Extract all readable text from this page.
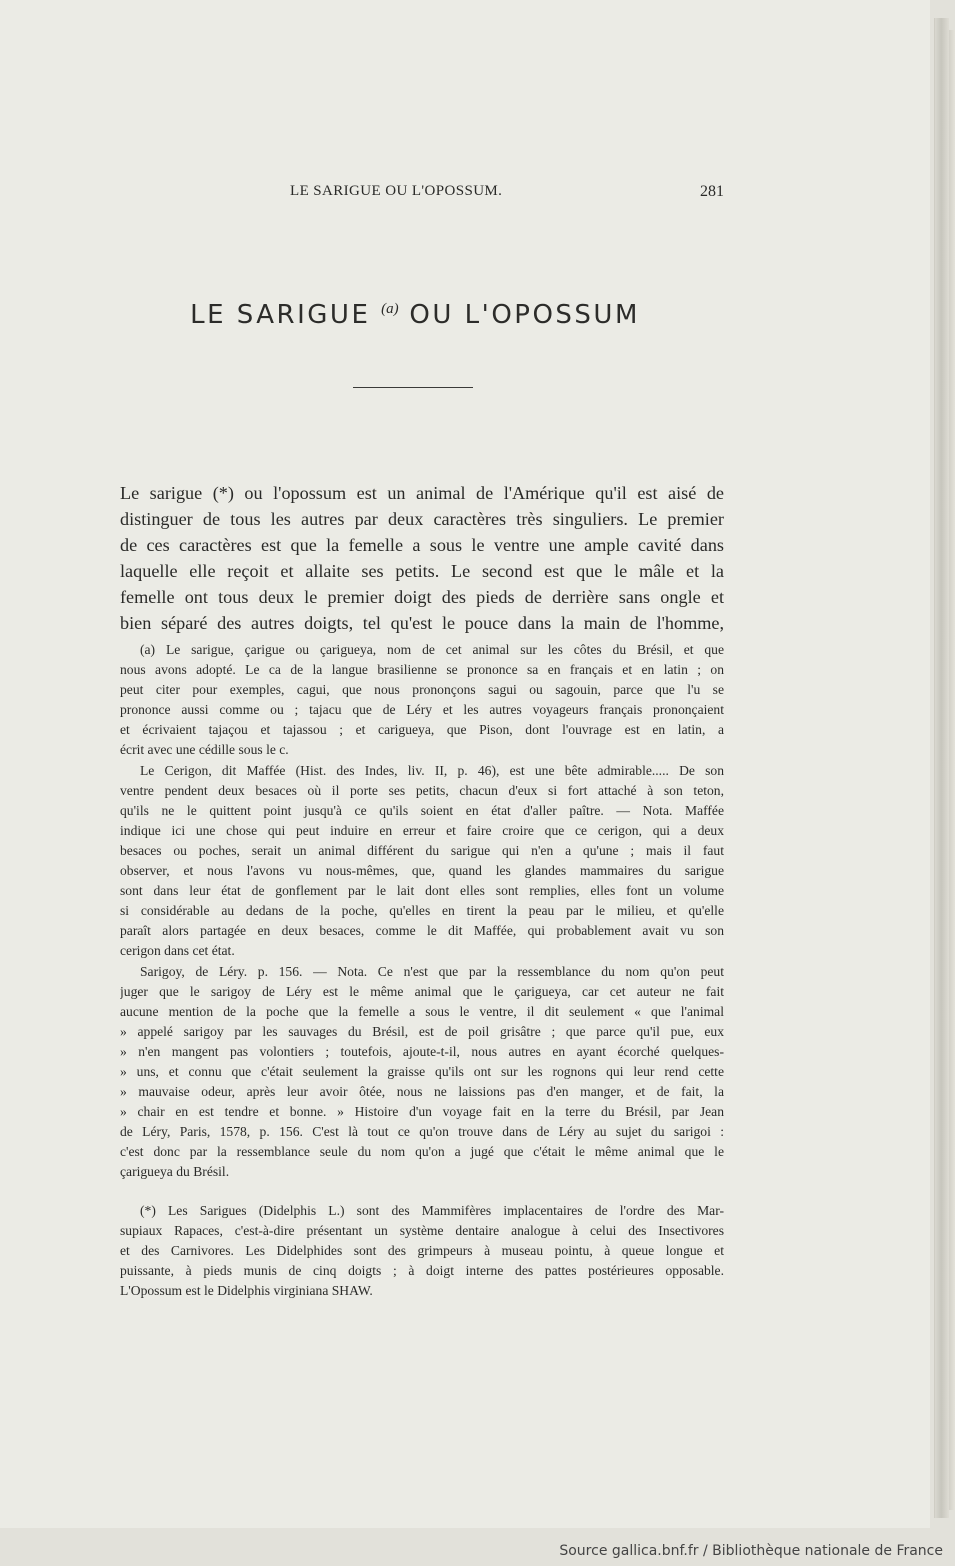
LE SARIGUE OU L'OPOSSUM.	281
LE SARIGUE $^{(a)}$ OU L'OPOSSUM
Le sarigue (*) ou l'opossum est un animal de l'Amérique qu'il est aisé de
distinguer de tous les autres par deux caractères très singuliers. Le premier
de ces caractères est que la femelle a sous le ventre une ample cavité dans
laquelle elle reçoit et allaite ses petits. Le second est que le mâle et la
femelle ont tous deux le premier doigt des pieds de derrière sans ongle et
bien séparé des autres doigts, tel qu'est le pouce dans la main de l'homme,
(a) Le sarigue, çarigue ou çarigueya, nom de cet animal sur les côtes du Brésil, et que
nous avons adopté. Le ca de la langue brasilienne se prononce sa en français et en latin ; on
peut citer pour exemples, cagui, que nous prononçons sagui ou sagouin, parce que l'u se
prononce aussi comme ou ; tajacu que de Léry et les autres voyageurs français prononçaient
et écrivaient tajaçou et tajassou ; et carigueya, que Pison, dont l'ouvrage est en latin, a
écrit avec une cédille sous le c.
Le Cerigon, dit Maffée (Hist. des Indes, liv. II, p. 46), est une bête admirable..... De son
ventre pendent deux besaces où il porte ses petits, chacun d'eux si fort attaché à son teton,
qu'ils ne le quittent point jusqu'à ce qu'ils soient en état d'aller paître. — Nota. Maffée
indique ici une chose qui peut induire en erreur et faire croire que ce cerigon, qui a deux
besaces ou poches, serait un animal différent du sarigue qui n'en a qu'une ; mais il faut
observer, et nous l'avons vu nous-mêmes, que, quand les glandes mammaires du sarigue
sont dans leur état de gonflement par le lait dont elles sont remplies, elles font un volume
si considérable au dedans de la poche, qu'elles en tirent la peau par le milieu, et qu'elle
paraît alors partagée en deux besaces, comme le dit Maffée, qui probablement avait vu son
cerigon dans cet état.
Sarigoy, de Léry. p. 156. — Nota. Ce n'est que par la ressemblance du nom qu'on peut
juger que le sarigoy de Léry est le même animal que le çarigueya, car cet auteur ne fait
aucune mention de la poche que la femelle a sous le ventre, il dit seulement « que l'animal
» appelé sarigoy par les sauvages du Brésil, est de poil grisâtre ; que parce qu'il pue, eux
» n'en mangent pas volontiers ; toutefois, ajoute-t-il, nous autres en ayant écorché quelques-
» uns, et connu que c'était seulement la graisse qu'ils ont sur les rognons qui leur rend cette
» mauvaise odeur, après leur avoir ôtée, nous ne laissions pas d'en manger, et de fait, la
» chair en est tendre et bonne. » Histoire d'un voyage fait en la terre du Brésil, par Jean
de Léry, Paris, 1578, p. 156. C'est là tout ce qu'on trouve dans de Léry au sujet du sarigoi :
c'est donc par la ressemblance seule du nom qu'on a jugé que c'était le même animal que le
çarigueya du Brésil.
(*) Les Sarigues (Didelphis L.) sont des Mammifères implacentaires de l'ordre des Mar-
supiaux Rapaces, c'est-à-dire présentant un système dentaire analogue à celui des Insectivores
et des Carnivores. Les Didelphides sont des grimpeurs à museau pointu, à queue longue et
puissante, à pieds munis de cinq doigts ; à doigt interne des pattes postérieures opposable.
L'Opossum est le Didelphis virginiana SHAW.
Source gallica.bnf.fr / Bibliothèque nationale de France
